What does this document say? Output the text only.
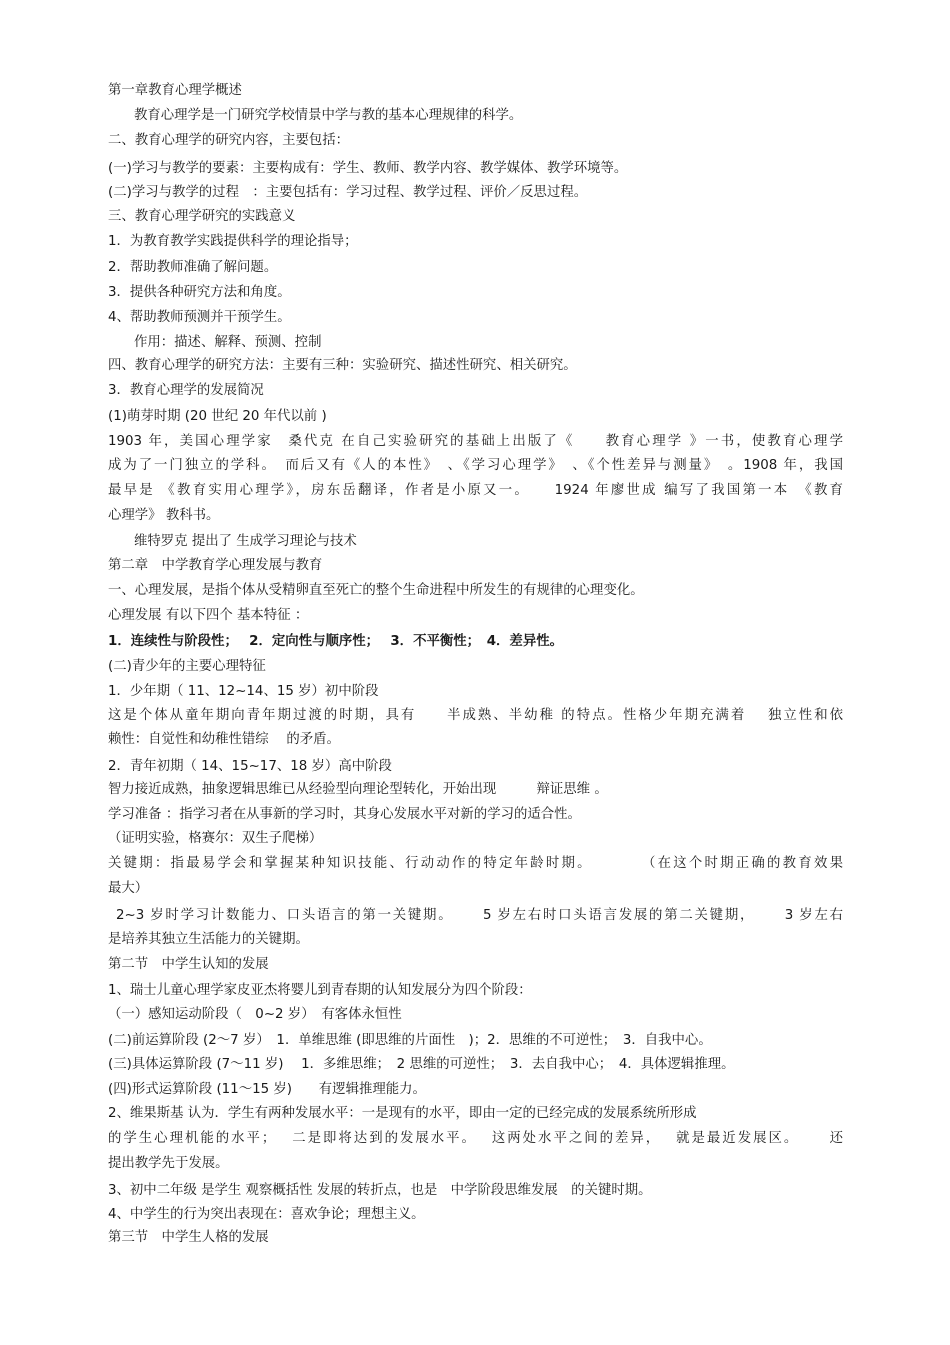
第一章教育心理学概述
教育心理学是一门研究学校情景中学与教的基本心理规律的科学。
二、教育心理学的研究内容，主要包括：
(一)学习与教学的要素：主要构成有：学生、教师、教学内容、教学媒体、教学环境等。
(二)学习与教学的过程　：主要包括有：学习过程、教学过程、评价／反思过程。
三、教育心理学研究的实践意义
1．为教育教学实践提供科学的理论指导；
2．帮助教师准确了解问题。
3．提供各种研究方法和角度。
4、帮助教师预测并干预学生。
作用：描述、解释、预测、控制
四、教育心理学的研究方法：主要有三种：实验研究、描述性研究、相关研究。
3．教育心理学的发展简况
(1)萌芽时期 (20 世纪 20 年代以前 )
1903 年，美国心理学家　桑代克 在自己实验研究的基础上出版了《　　教育心理学 》一书，使教育心理学
成为了一门独立的学科。　而后又有《人的本性》　、《学习心理学》　、《个性差异与测量》　。1908 年，我国
最早是 《教育实用心理学》，房东岳翻译，作者是小原又一。　　1924 年廖世成 编写了我国第一本　《教育
心理学》 教科书。
维特罗克 提出了 生成学习理论与技术
第二章　中学教育学心理发展与教育
一、心理发展，是指个体从受精卵直至死亡的整个生命进程中所发生的有规律的心理变化。
心理发展 有以下四个 基本特征 ：
1．连续性与阶段性；　 2．定向性与顺序性；　 3．不平衡性；　4．差异性。
(二)青少年的主要心理特征
1．少年期（ 11、12~14、15 岁）初中阶段
这是个体从童年期向青年期过渡的时期，具有　　半成熟、半幼稚 的特点。性格少年期充满着　 独立性和依
赖性：自觉性和幼稚性错综　 的矛盾。
2．青年初期（ 14、15~17、18 岁）高中阶段
智力接近成熟，抽象逻辑思维已从经验型向理论型转化，开始出现　　　辩证思维 。
学习准备 ：指学习者在从事新的学习时，其身心发展水平对新的学习的适合性。
（证明实验，格赛尔：双生子爬梯）
关键期：指最易学会和掌握某种知识技能、行动动作的特定年龄时期。　　　　（在这个时期正确的教育效果
最大）
2~3 岁时学习计数能力、口头语言的第一关键期。　　 5 岁左右时口头语言发展的第二关键期，　　 3 岁左右
是培养其独立生活能力的关键期。
第二节　中学生认知的发展
1、瑞士儿童心理学家皮亚杰将婴儿到青春期的认知发展分为四个阶段：
（一）感知运动阶段（　0~2 岁）　有客体永恒性
(二)前运算阶段 (2～7 岁）　1．单维思维 (即思维的片面性　)；2．思维的不可逆性；　3．自我中心。
(三)具体运算阶段 (7～11 岁)　 1．多维思维；　2 思维的可逆性；　3．去自我中心；　4．具体逻辑推理。
(四)形式运算阶段 (11～15 岁)　　有逻辑推理能力。
2、维果斯基 认为．学生有两种发展水平：一是现有的水平，即由一定的已经完成的发展系统所形成
的学生心理机能的水平；　 二是即将达到的发展水平。　 这两处水平之间的差异，　 就是最近发展区。　　 还
提出教学先于发展。
3、初中二年级 是学生 观察概括性 发展的转折点，也是　中学阶段思维发展　的关键时期。
4、中学生的行为突出表现在：喜欢争论；理想主义。
第三节　中学生人格的发展
